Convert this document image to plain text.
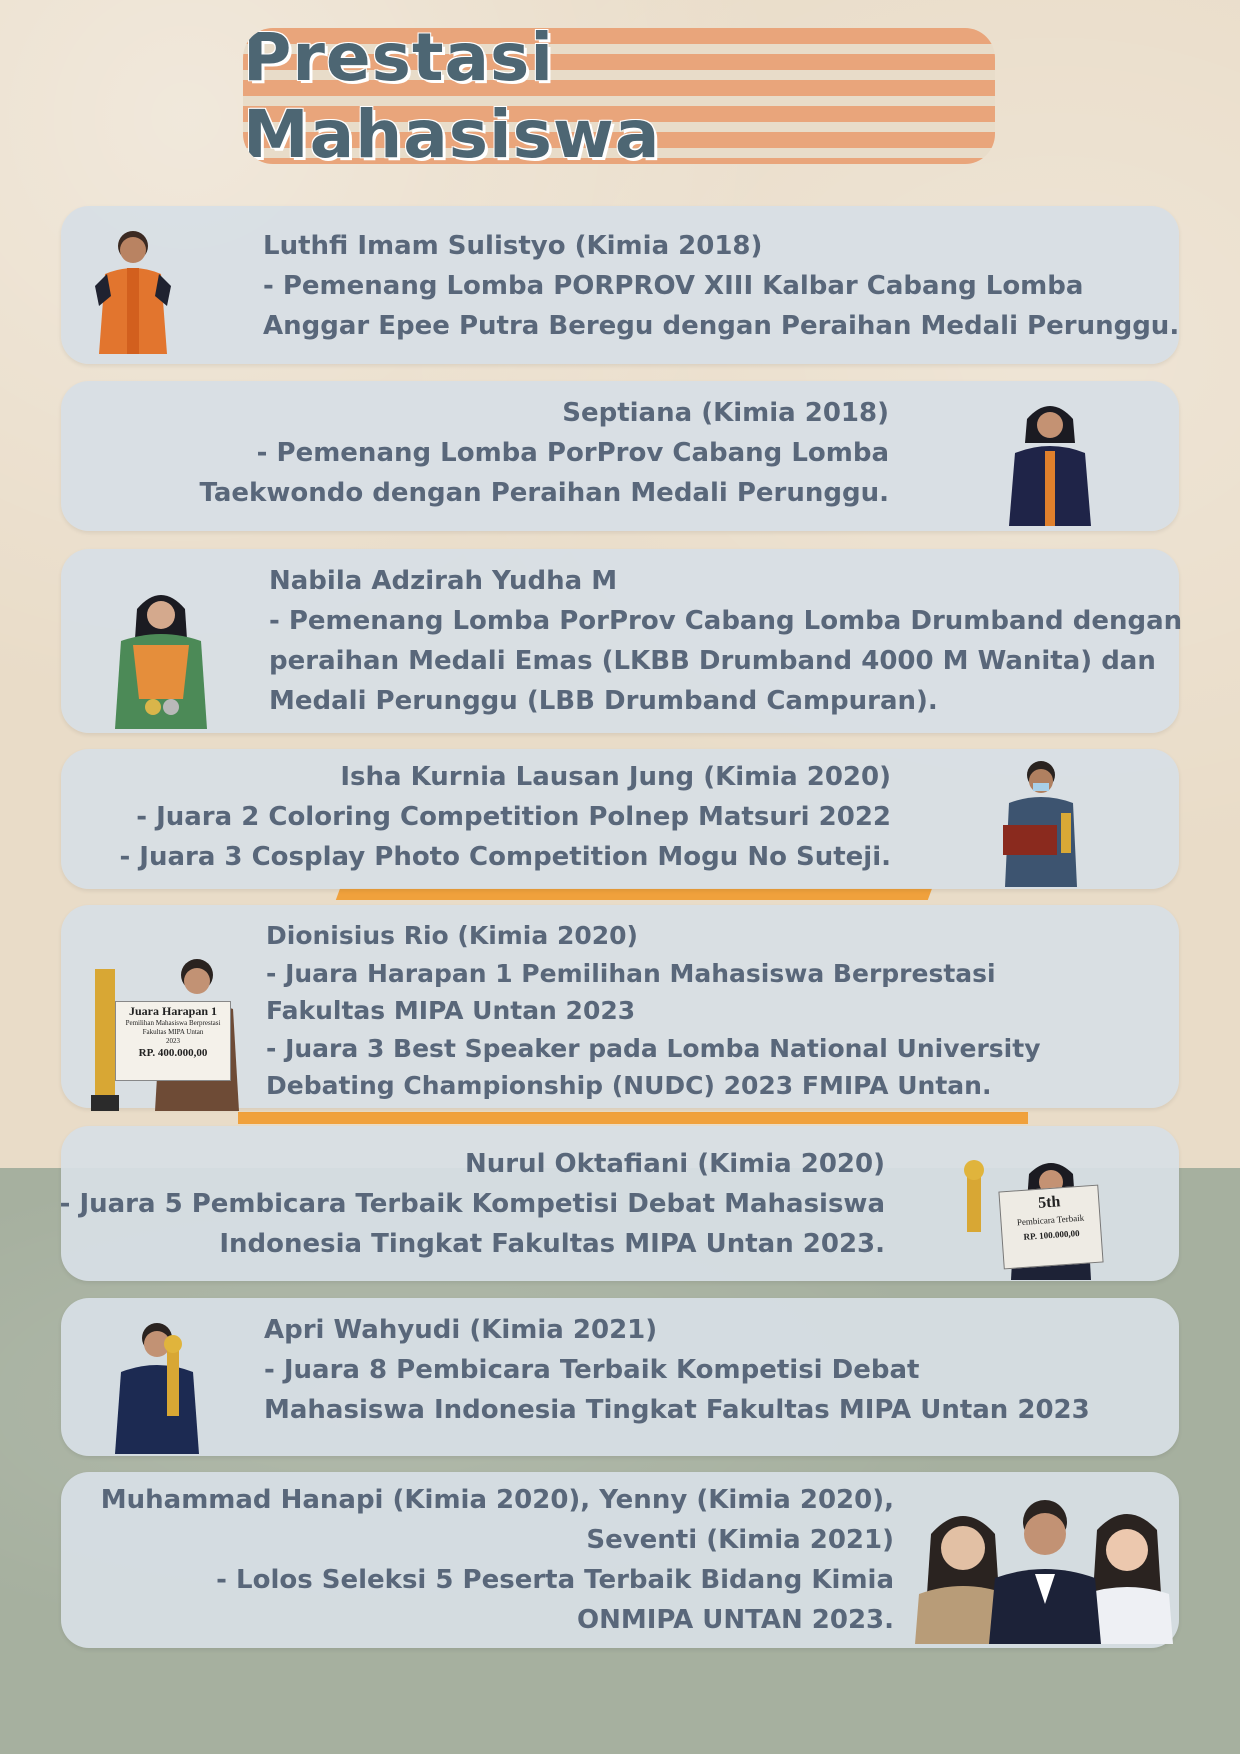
Prestasi Mahasiswa
Luthfi Imam Sulistyo (Kimia 2018)
- Pemenang Lomba PORPROV XIII Kalbar Cabang Lomba
Anggar Epee Putra Beregu dengan Peraihan Medali Perunggu.
Septiana (Kimia 2018)
- Pemenang Lomba PorProv Cabang Lomba
Taekwondo dengan Peraihan Medali Perunggu.
Nabila Adzirah Yudha M
- Pemenang Lomba PorProv Cabang Lomba Drumband dengan
peraihan Medali Emas (LKBB Drumband 4000 M Wanita) dan
Medali Perunggu (LBB Drumband Campuran).
Isha Kurnia Lausan Jung (Kimia 2020)
- Juara 2 Coloring Competition Polnep Matsuri 2022
- Juara 3 Cosplay Photo Competition Mogu No Suteji.
Juara Harapan 1
Pemilihan Mahasiswa Berprestasi
Fakultas MIPA Untan
2023
RP. 400.000,00
Dionisius Rio (Kimia 2020)
- Juara Harapan 1 Pemilihan Mahasiswa Berprestasi
Fakultas MIPA Untan 2023
- Juara 3 Best Speaker pada Lomba National University
Debating Championship (NUDC) 2023 FMIPA Untan.
Nurul Oktafiani (Kimia 2020)
- Juara 5 Pembicara Terbaik Kompetisi Debat Mahasiswa
Indonesia Tingkat Fakultas MIPA Untan 2023.
5th
Pembicara Terbaik
RP. 100.000,00
Apri Wahyudi (Kimia 2021)
- Juara 8 Pembicara Terbaik Kompetisi Debat
Mahasiswa Indonesia Tingkat Fakultas MIPA Untan 2023
Muhammad Hanapi (Kimia 2020), Yenny (Kimia 2020),
Seventi (Kimia 2021)
- Lolos Seleksi 5 Peserta Terbaik Bidang Kimia
ONMIPA UNTAN 2023.
